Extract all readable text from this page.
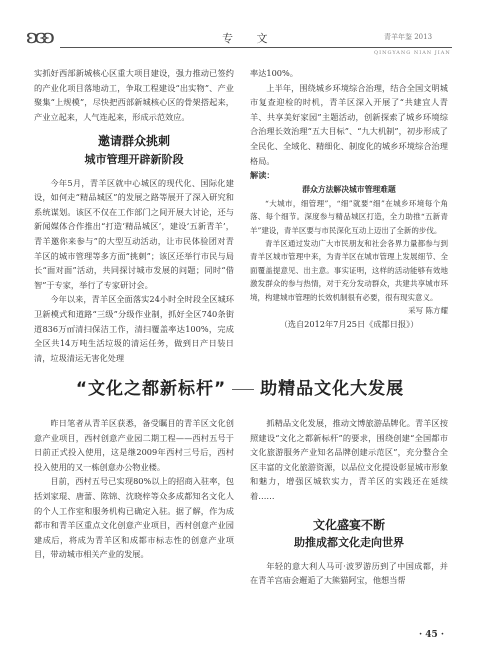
ʚɞʚ	专 文	青羊年鉴 2013
QINGYANG NIAN JIAN

实抓好西部新城核心区重大项目建设，强力推动已签约的产业化项目落地动工，争取工程建设“出实物”、产业聚集“上规模”，尽快把西部新城核心区的骨架搭起来，产业立起来，人气连起来，形成示范效应。

邀请群众挑刺
城市管理开辟新阶段

今年5月，青羊区就中心城区的现代化、国际化建设，如何走“精品城区”的发展之路等展开了深入研究和系统谋划。该区不仅在工作部门之间开展大讨论，还与新闻媒体合作推出“打造‘精品城区’，建设‘五新青羊’，青羊邀你来参与”的大型互动活动，让市民体验团对青羊区的城市管理等多方面“挑刺”；该区还举行市民与局长“面对面”活动，共同探讨城市发展的问题；同时“借智”于专家，举行了专家研讨会。

今年以来，青羊区全面落实24小时全时段全区城环卫新模式和道路“三级”分级作业制，抓好全区740条街道836万㎡清扫保洁工作，清扫覆盖率达100%，完成全区共14万吨生活垃圾的清运任务，做到日产日装日清，垃圾清运无害化处理

率达100%。

上半年，围绕城乡环境综合治理，结合全国文明城市复查迎检的时机，青羊区深入开展了“共建宜人青羊、共享美好家园”主题活动，创新探索了城乡环境综合治理长效治理“五大目标”、“九大机制”，初步形成了全民化、全域化、精细化、制度化的城乡环境综合治理格局。

解读：
群众方法解决城市管理难题

“大城市，细管理”，“细”就要“细”在城乡环境每个角落、每个细节。深度参与精品城区打造，全力助推“五新青羊”建设，青羊区要与市民深化互动上迈出了全新的步伐。

青羊区通过发动广大市民朋友和社会各界力量都参与到青羊区城市管理中来，为青羊区在城市管理上发展细节、全面覆盖提意见、出主意。事实证明，这样的活动能够有效地激发群众的参与热情，对于充分发动群众，共建共享城市环境，构建城市管理的长效机制很有必要，很有现实意义。

采写 陈方耀
（选自2012年7月25日《成都日报》）
“文化之都新标杆” 助精品文化大发展

昨日笔者从青羊区获悉，备受瞩目的青羊区文化创意产业项目，西村创意产业园二期工程——西村五号于日前正式投入使用，这是继2009年西村三号后，西村投入使用的又一栋创意办公物业楼。

目前，西村五号已实现80%以上的招商入驻率，包括刘家琨、唐蕾、陈锦、沈晓梓等众多成都知名文化人的个人工作室和服务机构已确定入驻。据了解，作为成都市和青羊区重点文化创意产业项目，西村创意产业园建成后，将成为青羊区和成都市标志性的创意产业项目，带动城市相关产业的发展。

抓精品文化发展，推动文博旅游品牌化。青羊区按照建设“文化之都新标杆”的要求，围绕创建“全国都市文化旅游服务产业知名品牌创建示范区”，充分整合全区丰富的文化旅游资源，以品位文化提设彰显城市形象和魅力，增强区城软实力，青羊区的实践还在延续着……

文化盛宴不断
助推成都文化走向世界

年轻的意大利人马可·波罗游历到了中国成都，并在青羊宫庙会邂逅了大熊猫阿宝，他想当帮

· 45 ·
